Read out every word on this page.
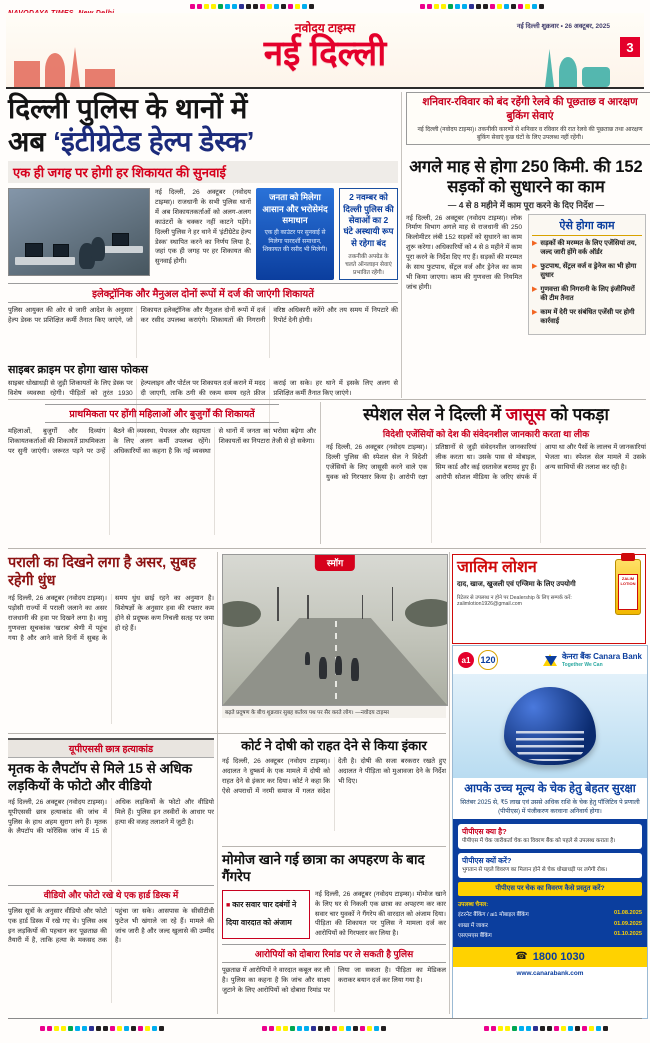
नवोदय टाइम्स
नई दिल्ली
नई दिल्ली शुक्रवार • 26 अक्टूबर, 2025
3
दिल्ली पुलिस के थानों में
अब ‘इंटीग्रेटेड हेल्प डेस्क’
एक ही जगह पर होगी हर शिकायत की सुनवाई
नई दिल्ली, 26 अक्टूबर (नवोदय टाइम्स)। राजधानी के सभी पुलिस थानों में अब शिकायतकर्ताओं को अलग-अलग काउंटरों के चक्कर नहीं काटने पड़ेंगे। दिल्ली पुलिस ने हर थाने में ‘इंटीग्रेटेड हेल्प डेस्क’ स्थापित करने का निर्णय लिया है, जहां एक ही जगह पर हर शिकायत की सुनवाई होगी।
जनता को मिलेगा आसान और भरोसेमंद समाधान
एक ही काउंटर पर सुनवाई से मिलेगा पारदर्शी समाधान, शिकायत की रसीद भी मिलेगी।
2 नवम्बर को दिल्ली पुलिस की सेवाओं का 2 घंटे अस्थायी रूप से रहेगा बंद
तकनीकी अपग्रेड के चलते ऑनलाइन सेवाएं प्रभावित रहेंगी।
इलेक्ट्रॉनिक और मैनुअल दोनों रूपों में दर्ज की जाएंगी शिकायतें
पुलिस आयुक्त की ओर से जारी आदेश के अनुसार हेल्प डेस्क पर प्रशिक्षित कर्मी तैनात किए जाएंगे, जो शिकायत इलेक्ट्रॉनिक और मैनुअल दोनों रूपों में दर्ज कर रसीद उपलब्ध कराएंगे। शिकायतों की निगरानी वरिष्ठ अधिकारी करेंगे और तय समय में निपटारे की रिपोर्ट देनी होगी।
साइबर क्राइम पर होगा खास फोकस
साइबर धोखाधड़ी से जुड़ी शिकायतों के लिए डेस्क पर विशेष व्यवस्था रहेगी। पीड़ितों को तुरंत 1930 हेल्पलाइन और पोर्टल पर शिकायत दर्ज कराने में मदद दी जाएगी, ताकि ठगी की रकम समय रहते फ्रीज कराई जा सके। हर थाने में इसके लिए अलग से प्रशिक्षित कर्मी तैनात किए जाएंगे।
प्राथमिकता पर होंगी महिलाओं और बुजुर्गों की शिकायतें
महिलाओं, बुजुर्गों और दिव्यांग शिकायतकर्ताओं की शिकायतें प्राथमिकता पर सुनी जाएंगी। जरूरत पड़ने पर उन्हें बैठने की व्यवस्था, पेयजल और सहायता के लिए अलग कर्मी उपलब्ध रहेंगे। अधिकारियों का कहना है कि नई व्यवस्था से थानों में जनता का भरोसा बढ़ेगा और शिकायतों का निपटारा तेजी से हो सकेगा।
शनिवार-रविवार को बंद रहेंगी रेलवे की पूछताछ व आरक्षण बुकिंग सेवाएं
नई दिल्ली (नवोदय टाइम्स)। तकनीकी कारणों से शनिवार व रविवार की रात रेलवे की पूछताछ तथा आरक्षण बुकिंग सेवाएं कुछ घंटों के लिए उपलब्ध नहीं रहेंगी।
अगले माह से होगा 250 किमी. की 152 सड़कों को सुधारने का काम
— 4 से 8 महीने में काम पूरा करने के दिए निर्देश —
नई दिल्ली, 26 अक्टूबर (नवोदय टाइम्स)। लोक निर्माण विभाग अगले माह से राजधानी की 250 किलोमीटर लंबी 152 सड़कों को सुधारने का काम शुरू करेगा। अधिकारियों को 4 से 8 महीने में काम पूरा करने के निर्देश दिए गए हैं। सड़कों की मरम्मत के साथ फुटपाथ, सेंट्रल वर्ज और ड्रेनेज का काम भी किया जाएगा। काम की गुणवत्ता की नियमित जांच होगी।
ऐसे होगा काम
▶ सड़कों की मरम्मत के लिए एजेंसियां तय, जल्द जारी होंगे वर्क ऑर्डर
▶ फुटपाथ, सेंट्रल वर्ज व ड्रेनेज का भी होगा सुधार
▶ गुणवत्ता की निगरानी के लिए इंजीनियरों की टीम तैनात
▶ काम में देरी पर संबंधित एजेंसी पर होगी कार्रवाई
स्पेशल सेल ने दिल्ली में जासूस को पकड़ा
विदेशी एजेंसियों को देश की संवेदनशील जानकारी करता था लीक
नई दिल्ली, 26 अक्टूबर (नवोदय टाइम्स)। दिल्ली पुलिस की स्पेशल सेल ने विदेशी एजेंसियों के लिए जासूसी करने वाले एक युवक को गिरफ्तार किया है। आरोपी रक्षा प्रतिष्ठानों से जुड़ी संवेदनशील जानकारियां लीक करता था। उसके पास से मोबाइल, सिम कार्ड और कई दस्तावेज बरामद हुए हैं। आरोपी सोशल मीडिया के जरिए संपर्क में आया था और पैसों के लालच में जानकारियां भेजता था। स्पेशल सेल मामले में उसके अन्य साथियों की तलाश कर रही है।
पराली का दिखने लगा है असर, सुबह रहेगी धुंध
नई दिल्ली, 26 अक्टूबर (नवोदय टाइम्स)। पड़ोसी राज्यों में पराली जलाने का असर राजधानी की हवा पर दिखने लगा है। वायु गुणवत्ता सूचकांक ‘खराब’ श्रेणी में पहुंच गया है और आने वाले दिनों में सुबह के समय धुंध छाई रहने का अनुमान है। विशेषज्ञों के अनुसार हवा की रफ्तार कम होने से प्रदूषक कण निचली सतह पर जमा हो रहे हैं।
स्मॉग
बढ़ते प्रदूषण के बीच शुक्रवार सुबह कर्तव्य पथ पर सैर करते लोग। —नवोदय टाइम्स
जालिम लोशन
दाद, खाज, खुजली एवं एग्जिमा के लिए उपयोगी
रिटेलर से उपलब्ध न होने पर Dealership के लिए सम्पर्क करें: zalimlotion1926@gmail.com
ZALIM LOTION
a1	120	केनरा बैंक Canara Bank
Together We Can
आपके उच्च मूल्य के चेक हेतु बेहतर सुरक्षा
सितंबर 2025 से, ₹5 लाख एवं उससे अधिक राशि के चेक हेतु पॉजिटिव पे प्रणाली (पीपीएस) में पंजीकरण करवाना अनिवार्य होगा।
पीपीएस क्या है?
पीपीएस में चेक जारीकर्ता चेक का विवरण बैंक को पहले से उपलब्ध कराता है।
पीपीएस क्यों करें?
भुगतान से पहले विवरण का मिलान होने से चेक धोखाधड़ी पर लगेगी रोक।
पीपीएस पर चेक का विवरण कैसे प्रस्तुत करें?
उपलब्ध चैनल:
इंटरनेट बैंकिंग / ai1 मोबाइल बैंकिंग	01.08.2025
शाखा में जाकर	01.09.2025
एसएमएस बैंकिंग	01.10.2025
☎ 1800 1030
www.canarabank.com
यूपीएससी छात्र हत्याकांड
मृतक के लैपटॉप से मिले 15 से अधिक लड़कियों के फोटो और वीडियो
नई दिल्ली, 26 अक्टूबर (नवोदय टाइम्स)। यूपीएससी छात्र हत्याकांड की जांच में पुलिस के हाथ अहम सुराग लगे हैं। मृतक के लैपटॉप की फॉरेंसिक जांच में 15 से अधिक लड़कियों के फोटो और वीडियो मिले हैं। पुलिस इन तस्वीरों के आधार पर हत्या की वजह तलाशने में जुटी है।
वीडियो और फोटो रखे थे एक हार्ड डिस्क में
पुलिस सूत्रों के अनुसार वीडियो और फोटो एक हार्ड डिस्क में रखे गए थे। पुलिस अब इन लड़कियों की पहचान कर पूछताछ की तैयारी में है, ताकि हत्या के मकसद तक पहुंचा जा सके। आसपास के सीसीटीवी फुटेज भी खंगाले जा रहे हैं। मामले की जांच जारी है और जल्द खुलासे की उम्मीद है।
कोर्ट ने दोषी को राहत देने से किया इंकार
नई दिल्ली, 26 अक्टूबर (नवोदय टाइम्स)। अदालत ने दुष्कर्म के एक मामले में दोषी को राहत देने से इंकार कर दिया। कोर्ट ने कहा कि ऐसे अपराधों में नरमी समाज में गलत संदेश देती है। दोषी की सजा बरकरार रखते हुए अदालत ने पीड़िता को मुआवजा देने के निर्देश भी दिए।
मोमोज खाने गई छात्रा का अपहरण के बाद गैंगरेप
■ कार सवार चार दबंगों ने दिया वारदात को अंजाम
नई दिल्ली, 26 अक्टूबर (नवोदय टाइम्स)। मोमोज खाने के लिए घर से निकली एक छात्रा का अपहरण कर कार सवार चार युवकों ने गैंगरेप की वारदात को अंजाम दिया। पीड़िता की शिकायत पर पुलिस ने मामला दर्ज कर आरोपियों को गिरफ्तार कर लिया है।
आरोपियों को दोबारा रिमांड पर ले सकती है पुलिस
पूछताछ में आरोपियों ने वारदात कबूल कर ली है। पुलिस का कहना है कि जांच और साक्ष्य जुटाने के लिए आरोपियों को दोबारा रिमांड पर लिया जा सकता है। पीड़िता का मेडिकल कराकर बयान दर्ज कर लिया गया है।
